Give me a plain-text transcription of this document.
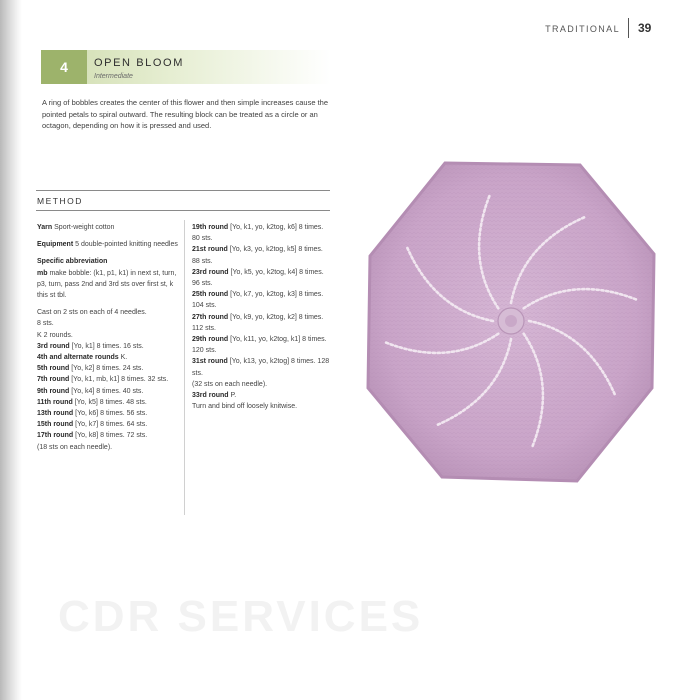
TRADITIONAL 39
4	OPEN BLOOM
Intermediate
A ring of bobbles creates the center of this flower and then simple increases cause the pointed petals to spiral outward. The resulting block can be treated as a circle or an octagon, depending on how it is pressed and used.
METHOD

Yarn Sport-weight cotton

Equipment 5 double-pointed knitting needles

Specific abbreviation

mb make bobble: (k1, p1, k1) in next st, turn, p3, turn, pass 2nd and 3rd sts over first st, k this st tbl.

Cast on 2 sts on each of 4 needles.

8 sts.

K 2 rounds.

3rd round [Yo, k1] 8 times. 16 sts.

4th and alternate rounds K.

5th round [Yo, k2] 8 times. 24 sts.

7th round [Yo, k1, mb, k1] 8 times. 32 sts.

9th round [Yo, k4] 8 times. 40 sts.

11th round [Yo, k5] 8 times. 48 sts.

13th round [Yo, k6] 8 times. 56 sts.

15th round [Yo, k7] 8 times. 64 sts.

17th round [Yo, k8] 8 times. 72 sts.

(18 sts on each needle).

19th round [Yo, k1, yo, k2tog, k6] 8 times. 80 sts.

21st round [Yo, k3, yo, k2tog, k5] 8 times. 88 sts.

23rd round [Yo, k5, yo, k2tog, k4] 8 times. 96 sts.

25th round [Yo, k7, yo, k2tog, k3] 8 times. 104 sts.

27th round [Yo, k9, yo, k2tog, k2] 8 times. 112 sts.

29th round [Yo, k11, yo, k2tog, k1] 8 times. 120 sts.

31st round [Yo, k13, yo, k2tog] 8 times. 128 sts.

(32 sts on each needle).

33rd round P.

Turn and bind off loosely knitwise.

CDR SERVICES
